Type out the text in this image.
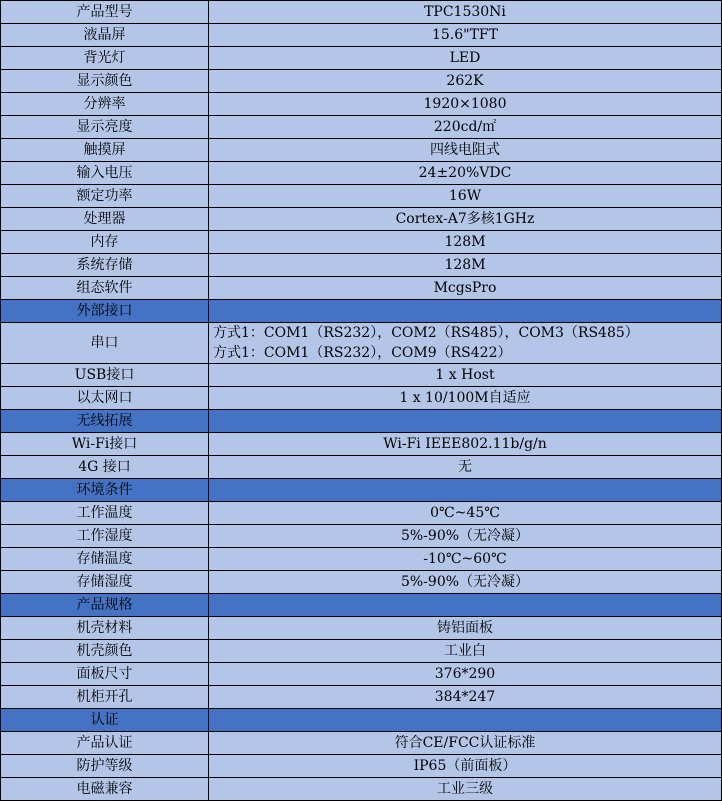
产品型号	TPC1530Ni
液晶屏	15.6"TFT
背光灯	LED
显示颜色	262K
分辨率	1920×1080
显示亮度	220cd/㎡
触摸屏	四线电阻式
输入电压	24±20%VDC
额定功率	16W
处理器	Cortex-A7多核1GHz
内存	128M
系统存储	128M
组态软件	McgsPro
外部接口	
串口	方式1：COM1（RS232），COM2（RS485），COM3（RS485）
方式1：COM1（RS232），COM9（RS422）

USB接口	1 x Host
以太网口	1 x 10/100M自适应
无线拓展	
Wi-Fi接口	Wi-Fi IEEE802.11b/g/n
4G 接口	无
环境条件	
工作温度	0℃~45℃
工作湿度	5%-90%（无冷凝）
存储温度	-10℃~60℃
存储湿度	5%-90%（无冷凝）
产品规格	
机壳材料	铸铝面板
机壳颜色	工业白
面板尺寸	376*290
机柜开孔	384*247
认证	
产品认证	符合CE/FCC认证标准
防护等级	IP65（前面板）
电磁兼容	工业三级
